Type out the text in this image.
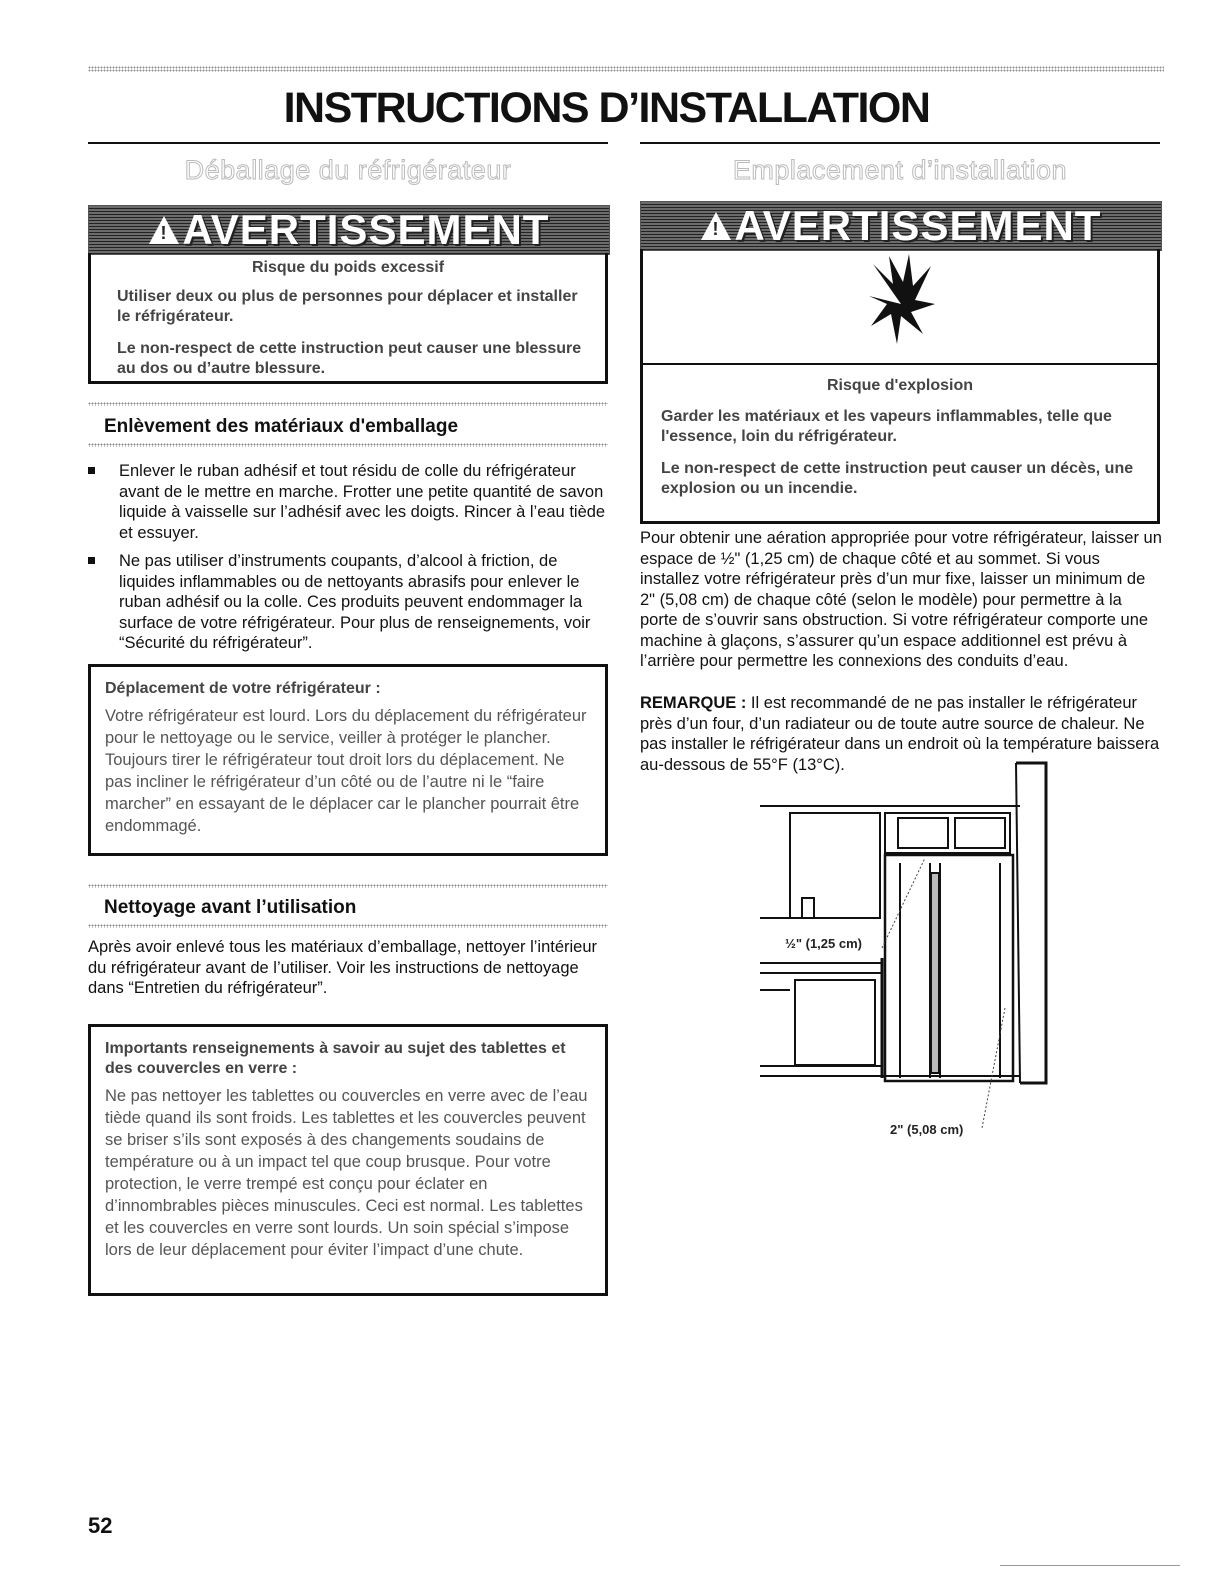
INSTRUCTIONS D’INSTALLATION
Déballage du réfrigérateur
!
AVERTISSEMENT
Risque du poids excessif

Utiliser deux ou plus de personnes pour déplacer et installer le réfrigérateur.

Le non-respect de cette instruction peut causer une blessure au dos ou d’autre blessure.

Enlèvement des matériaux d'emballage
Enlever le ruban adhésif et tout résidu de colle du réfrigérateur avant de le mettre en marche. Frotter une petite quantité de savon liquide à vaisselle sur l’adhésif avec les doigts. Rincer à l’eau tiède et essuyer.
Ne pas utiliser d’instruments coupants, d’alcool à friction, de liquides inflammables ou de nettoyants abrasifs pour enlever le ruban adhésif ou la colle. Ces produits peuvent endommager la surface de votre réfrigérateur. Pour plus de renseignements, voir “Sécurité du réfrigérateur”.
Déplacement de votre réfrigérateur :
Votre réfrigérateur est lourd. Lors du déplacement du réfrigérateur pour le nettoyage ou le service, veiller à protéger le plancher. Toujours tirer le réfrigérateur tout droit lors du déplacement. Ne pas incliner le réfrigérateur d’un côté ou de l’autre ni le “faire marcher” en essayant de le déplacer car le plancher pourrait être endommagé.
Nettoyage avant l’utilisation
Après avoir enlevé tous les matériaux d’emballage, nettoyer l’intérieur du réfrigérateur avant de l’utiliser. Voir les instructions de nettoyage dans “Entretien du réfrigérateur”.
Importants renseignements à savoir au sujet des tablettes et des couvercles en verre :
Ne pas nettoyer les tablettes ou couvercles en verre avec de l’eau tiède quand ils sont froids. Les tablettes et les couvercles peuvent se briser s’ils sont exposés à des changements soudains de température ou à un impact tel que coup brusque. Pour votre protection, le verre trempé est conçu pour éclater en d’innombrables pièces minuscules. Ceci est normal. Les tablettes et les couvercles en verre sont lourds. Un soin spécial s’impose lors de leur déplacement pour éviter l’impact d’une chute.
Emplacement d’installation
!
AVERTISSEMENT
Risque d'explosion

Garder les matériaux et les vapeurs inflammables, telle que l'essence, loin du réfrigérateur.

Le non-respect de cette instruction peut causer un décès, une explosion ou un incendie.

Pour obtenir une aération appropriée pour votre réfrigérateur, laisser un espace de ½" (1,25 cm) de chaque côté et au sommet. Si vous installez votre réfrigérateur près d’un mur fixe, laisser un minimum de 2" (5,08 cm) de chaque côté (selon le modèle) pour permettre à la porte de s’ouvrir sans obstruction. Si votre réfrigérateur comporte une machine à glaçons, s’assurer qu’un espace additionnel est prévu à l’arrière pour permettre les connexions des conduits d’eau.
REMARQUE : Il est recommandé de ne pas installer le réfrigérateur près d’un four, d’un radiateur ou de toute autre source de chaleur. Ne pas installer le réfrigérateur dans un endroit où la température baissera au-dessous de 55°F (13°C).
½" (1,25 cm)
2" (5,08 cm)
52
